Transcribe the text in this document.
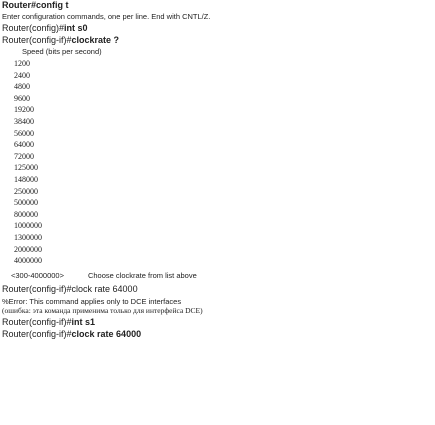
Router#config t
Enter configuration commands, one per line. End with CNTL/Z.
Router(config)#int s0
Router(config-if)#clockrate ?
Speed (bits per second)
1200
2400
4800
9600
19200
38400
56000
64000
72000
125000
148000
250000
500000
800000
1000000
1300000
2000000
4000000
<300-4000000>	Choose clockrate from list above
Router(config-if)#clock rate 64000
%Error: This command applies only to DCE interfaces
(ошибка: эта команда применима только для интерфейса DCE)
Router(config-if)#int s1
Router(config-if)#clock rate 64000
